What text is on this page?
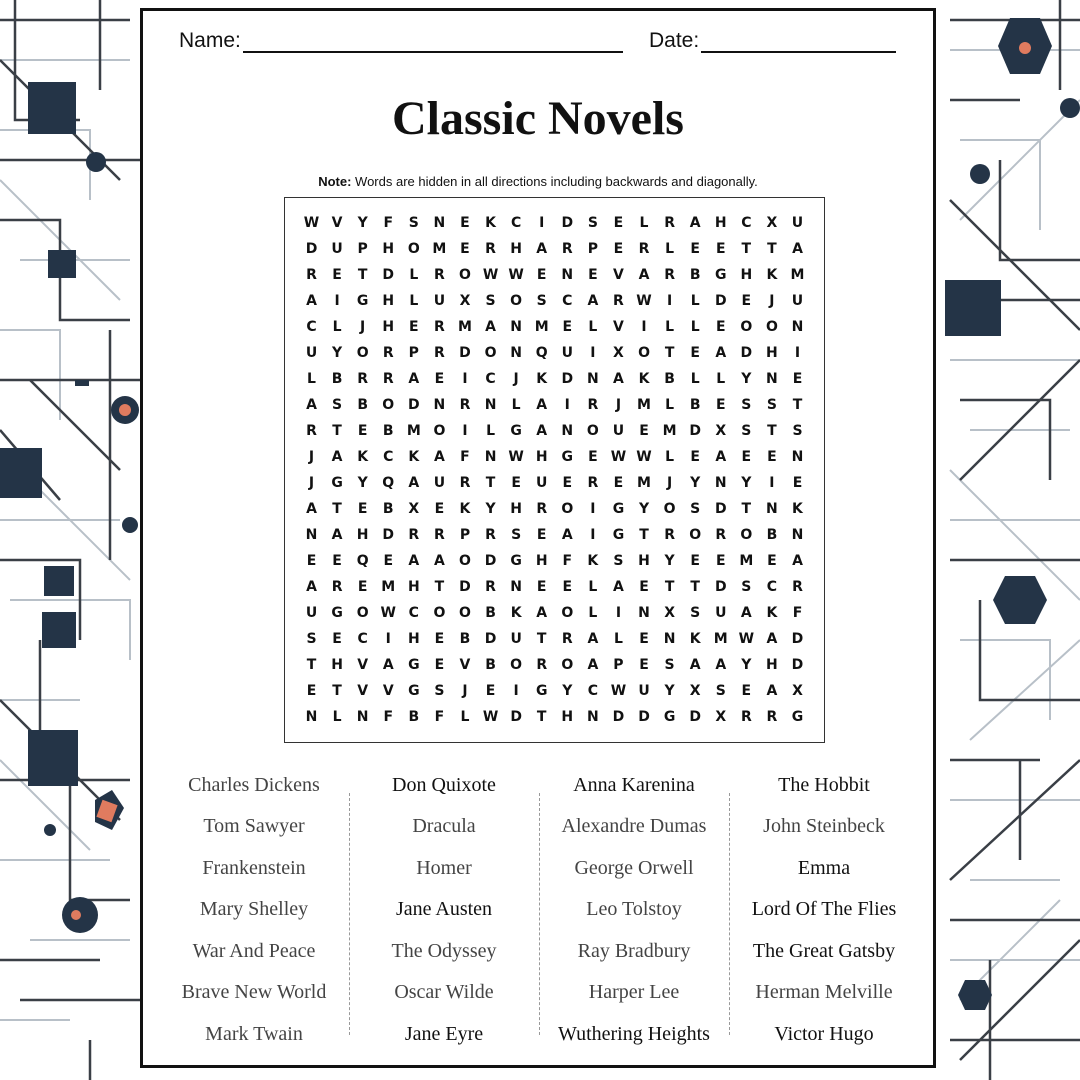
Name:	Date:
Classic Novels
Note: Words are hidden in all directions including backwards and diagonally.
W V	Y	F	S	N	E	K	C	I	D	S	E	L	R	A	H	C	X	U
D	U	P	H O M E	R	H	A	R	P	E	R	L	E	E	T	T	A
R	E	T	D	L	R	O W W E	N	E	V	A	R	B	G H	K M
A	I	G H	L	U	X	S	O	S	C	A	R W	I	L	D	E	J	U
C	L	J	H	E	R M A	N M E	L	V	I	L	L	E	O O N
U	Y	O	R	P	R	D O N Q U	I	X	O	T	E	A	D H	I
L	B	R	R	A	E	I	C	J	K	D N	A	K	B	L	L	Y	N	E
A	S	B	O D N	R	N	L	A	I	R	J	M	L	B	E	S	S	T
R	T	E	B M O	I	L	G	A	N O U	E M D	X	S	T	S
J	A	K	C	K	A	F	N W H G	E W W L	E	A	E	E	N
J	G	Y	Q	A	U	R	T	E	U	E	R	E M	J	Y	N	Y	I	E
A	T	E	B	X	E	K	Y	H	R	O	I	G	Y	O	S	D	T	N	K
N	A	H D	R	R	P	R	S	E	A	I	G	T	R	O	R	O	B	N
E	E	Q	E	A	A	O D	G H	F	K	S	H	Y	E	E M E	A
A	R	E M H	T	D	R	N	E	E	L	A	E	T	T	D	S	C	R
U	G O W C	O O	B	K	A	O	L	I	N	X	S	U	A	K	F
S	E	C	I	H	E	B	D	U	T	R	A	L	E	N	K M W A	D
T	H	V	A	G	E	V	B	O	R	O	A	P	E	S	A	A	Y	H D
E	T	V	V	G	S	J	E	I	G	Y	C W U	Y	X	S	E	A	X
N	L	N	F	B	F	L W D	T	H N D D	G	D	X	R	R	G
Charles Dickens
Tom Sawyer
Frankenstein
Mary Shelley
War And Peace
Brave New World
Mark Twain
Don Quixote
Dracula
Homer
Jane Austen
The Odyssey
Oscar Wilde
Jane Eyre
Anna Karenina
Alexandre Dumas
George Orwell
Leo Tolstoy
Ray Bradbury
Harper Lee
Wuthering Heights
The Hobbit
John Steinbeck
Emma
Lord Of The Flies
The Great Gatsby
Herman Melville
Victor Hugo
